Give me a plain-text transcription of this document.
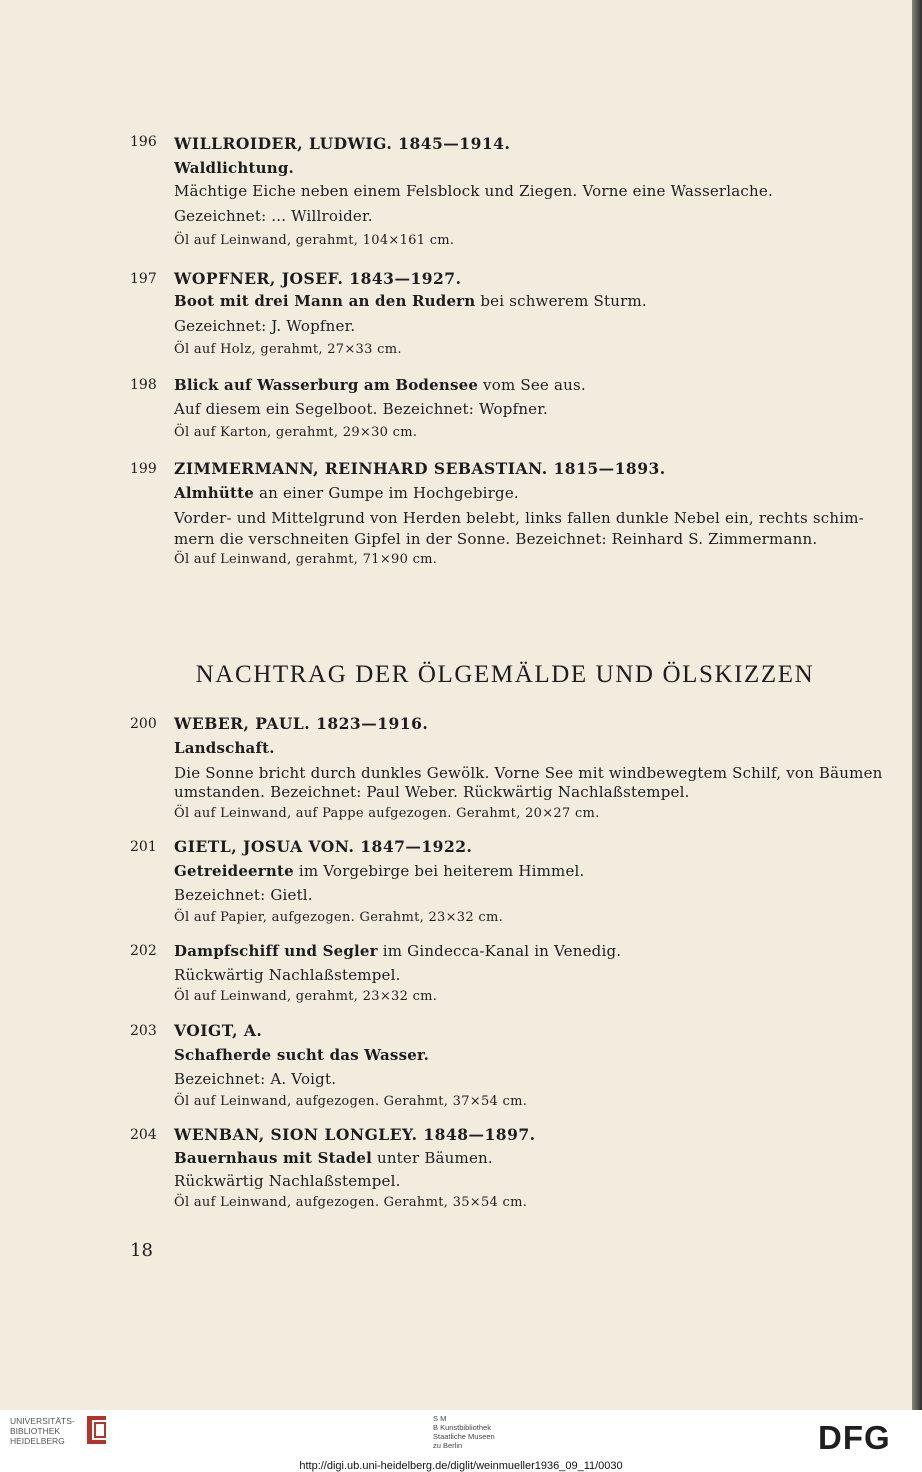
196 WILLROIDER, LUDWIG. 1845—1914.
Waldlichtung.
Mächtige Eiche neben einem Felsblock und Ziegen. Vorne eine Wasserlache.
Gezeichnet: ... Willroider.
Öl auf Leinwand, gerahmt, 104×161 cm.
197 WOPFNER, JOSEF. 1843—1927.
Boot mit drei Mann an den Rudern bei schwerem Sturm.
Gezeichnet: J. Wopfner.
Öl auf Holz, gerahmt, 27×33 cm.
198 Blick auf Wasserburg am Bodensee vom See aus.
Auf diesem ein Segelboot. Bezeichnet: Wopfner.
Öl auf Karton, gerahmt, 29×30 cm.
199 ZIMMERMANN, REINHARD SEBASTIAN. 1815—1893.
Almhütte an einer Gumpe im Hochgebirge.
Vorder- und Mittelgrund von Herden belebt, links fallen dunkle Nebel ein, rechts schim-
mern die verschneiten Gipfel in der Sonne. Bezeichnet: Reinhard S. Zimmermann.
Öl auf Leinwand, gerahmt, 71×90 cm.
NACHTRAG DER ÖLGEMÄLDE UND ÖLSKIZZEN
200 WEBER, PAUL. 1823—1916.
Landschaft.
Die Sonne bricht durch dunkles Gewölk. Vorne See mit windbewegtem Schilf, von Bäumen
umstanden. Bezeichnet: Paul Weber. Rückwärtig Nachlaßstempel.
Öl auf Leinwand, auf Pappe aufgezogen. Gerahmt, 20×27 cm.
201 GIETL, JOSUA VON. 1847—1922.
Getreideernte im Vorgebirge bei heiterem Himmel.
Bezeichnet: Gietl.
Öl auf Papier, aufgezogen. Gerahmt, 23×32 cm.
202 Dampfschiff und Segler im Gindecca-Kanal in Venedig.
Rückwärtig Nachlaßstempel.
Öl auf Leinwand, gerahmt, 23×32 cm.
203 VOIGT, A.
Schafherde sucht das Wasser.
Bezeichnet: A. Voigt.
Öl auf Leinwand, aufgezogen. Gerahmt, 37×54 cm.
204 WENBAN, SION LONGLEY. 1848—1897.
Bauernhaus mit Stadel unter Bäumen.
Rückwärtig Nachlaßstempel.
Öl auf Leinwand, aufgezogen. Gerahmt, 35×54 cm.
18
UNIVERSITÄTS-
BIBLIOTHEK
HEIDELBERG
S M
B Kunstbibliothek
Staatliche Museen
zu Berlin	DFG
http://digi.ub.uni-heidelberg.de/diglit/weinmueller1936_09_11/0030
